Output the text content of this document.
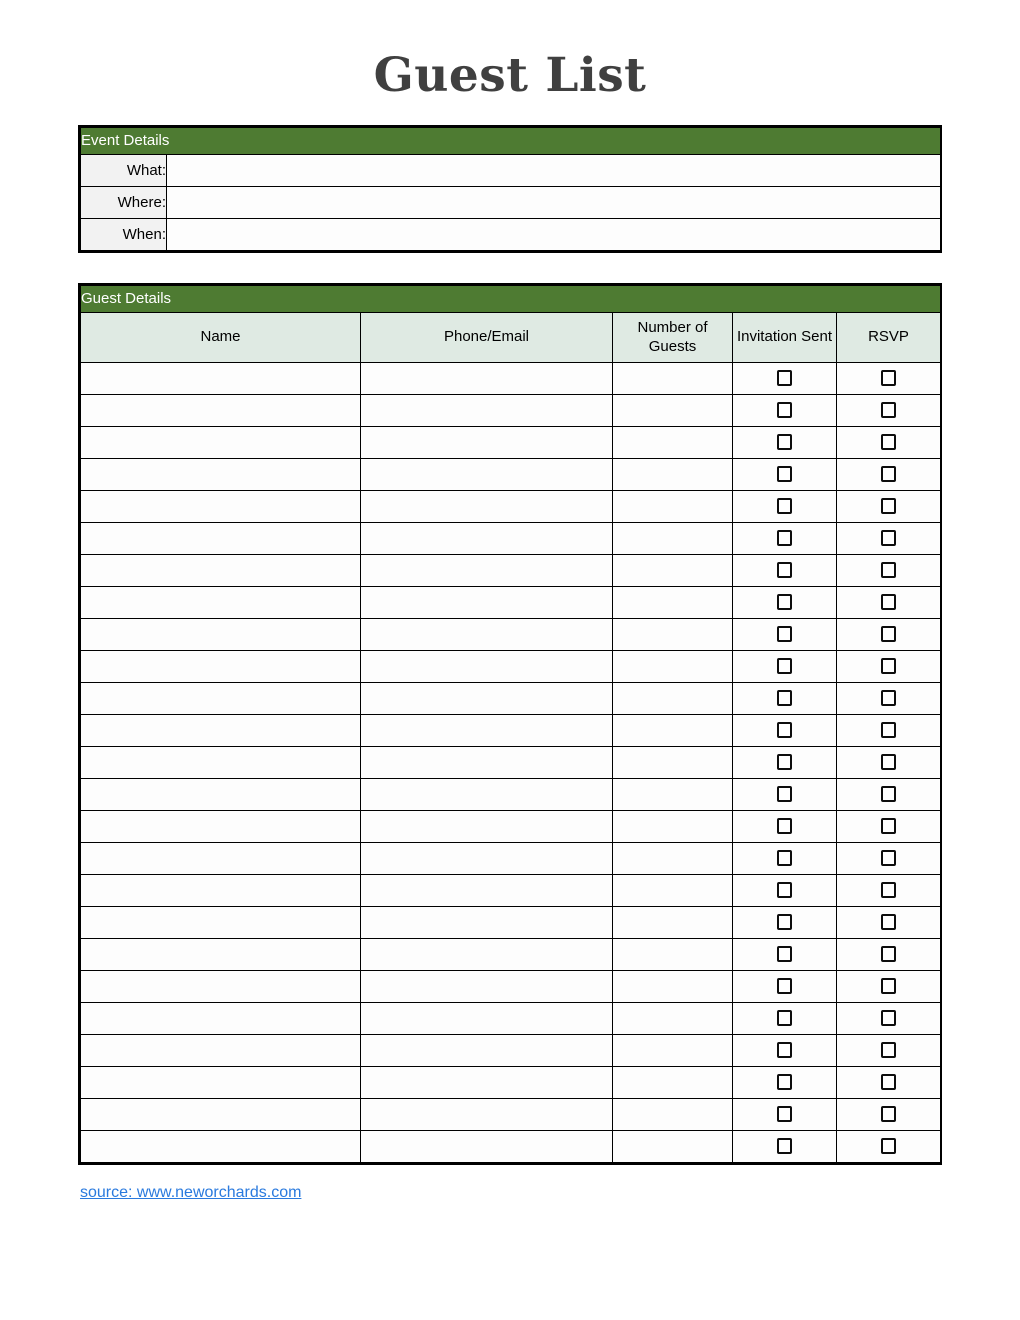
Guest List
Event Details	
What:	
Where:	
When:	
Guest Details				
Name	Phone/Email	Number of Guests	Invitation Sent	RSVP

source: www.neworchards.com
